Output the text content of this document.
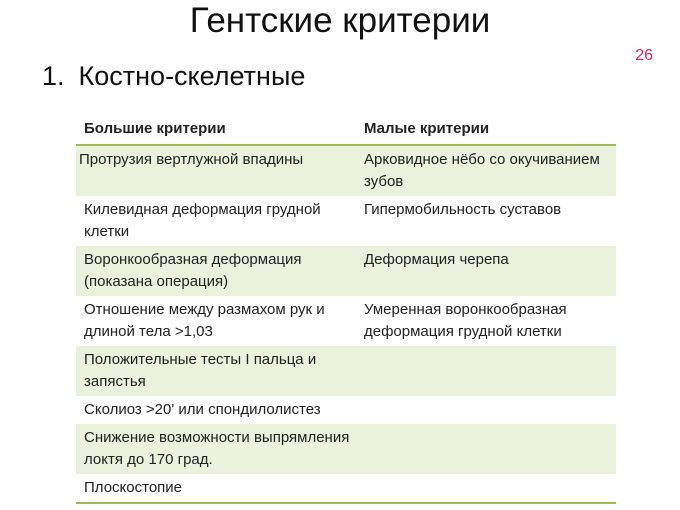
Гентские критерии
26
1. Костно-скелетные
Большие критерии	Малые критерии
Протрузия вертлужной впадины	Арковидное нёбо со окучиванием зубов
Килевидная деформация грудной клетки	Гипермобильность суставов
Воронкообразная деформация (показана операция)	Деформация черепа
Отношение между размахом рук и длиной тела >1,03	Умеренная воронкообразная деформация грудной клетки
Положительные тесты I пальца и запястья	
Сколиоз >20' или спондилолистез	
Снижение возможности выпрямления локтя до 170 град.	
Плоскостопие	
